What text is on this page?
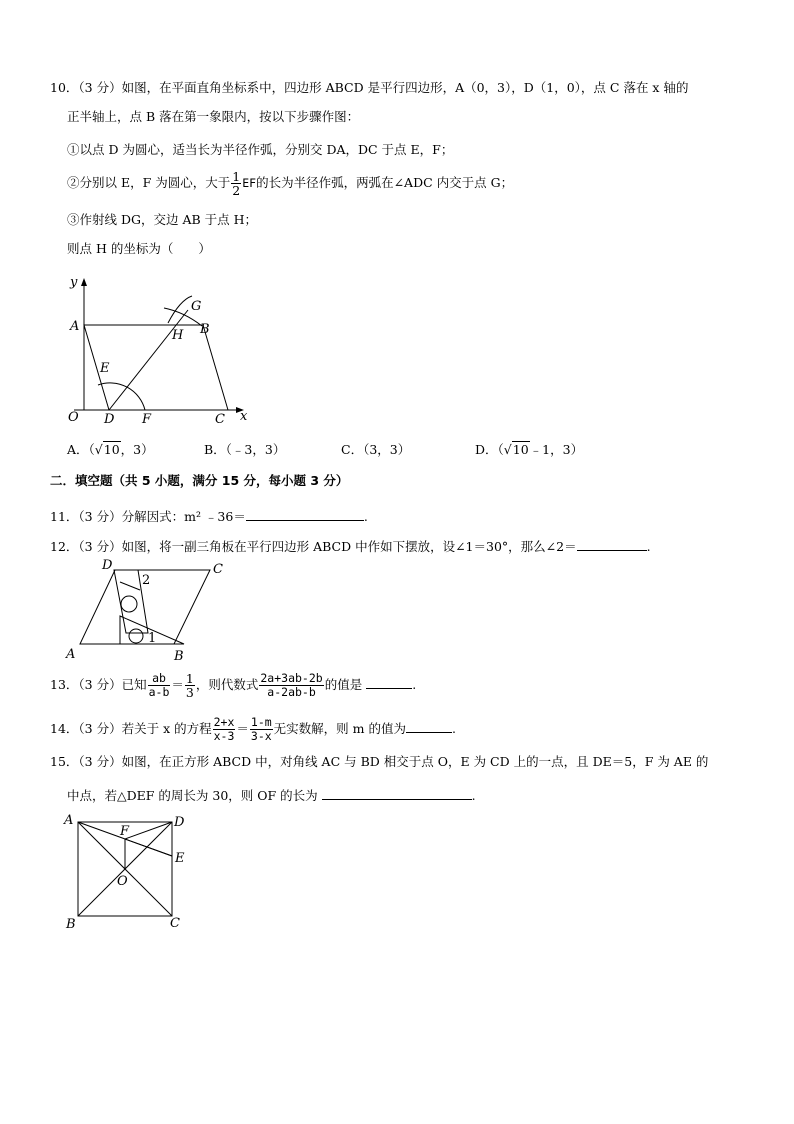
10．（3 分）如图，在平面直角坐标系中，四边形 ABCD 是平行四边形，A（0，3），D（1，0），点 C 落在 x 轴的
正半轴上，点 B 落在第一象限内，按以下步骤作图：
①以点 D 为圆心，适当长为半径作弧，分别交 DA，DC 于点 E，F；
②分别以 E，F 为圆心，大于 $\frac{1}{2}$ EF的长为半径作弧，两弧在∠ADC 内交于点 G；
③作射线 DG，交边 AB 于点 H；
则点 H 的坐标为（　　）
y
A
E
G
H B
O D F	C x
A．（√10，3）	B．（﹣3，3）	C．（3，3）	D．（√10﹣1，3）
二．填空题（共 5 小题，满分 15 分，每小题 3 分）
11．（3 分）分解因式：m² ﹣36＝	.
12．（3 分）如图，将一副三角板在平行四边形 ABCD 中作如下摆放，设∠1＝30°，那么∠2＝	.
D	C
A	B
1
2
13．（3 分）已知 $\frac{ab}{a-b} = \frac{1}{3}$ ，则代数式 $\frac{2a+3ab-2b}{a-2ab-b}$ 的值是	.
14．（3 分）若关于 x 的方程 $\frac{2+x}{x-3} = \frac{1-m}{3-x}$ 无实数解，则 m 的值为	.
15．（3 分）如图，在正方形 ABCD 中，对角线 AC 与 BD 相交于点 O，E 为 CD 上的一点，且 DE＝5，F 为 AE 的
中点，若△DEF 的周长为 30，则 OF 的长为	.
A	D
F
E
O
B	C
